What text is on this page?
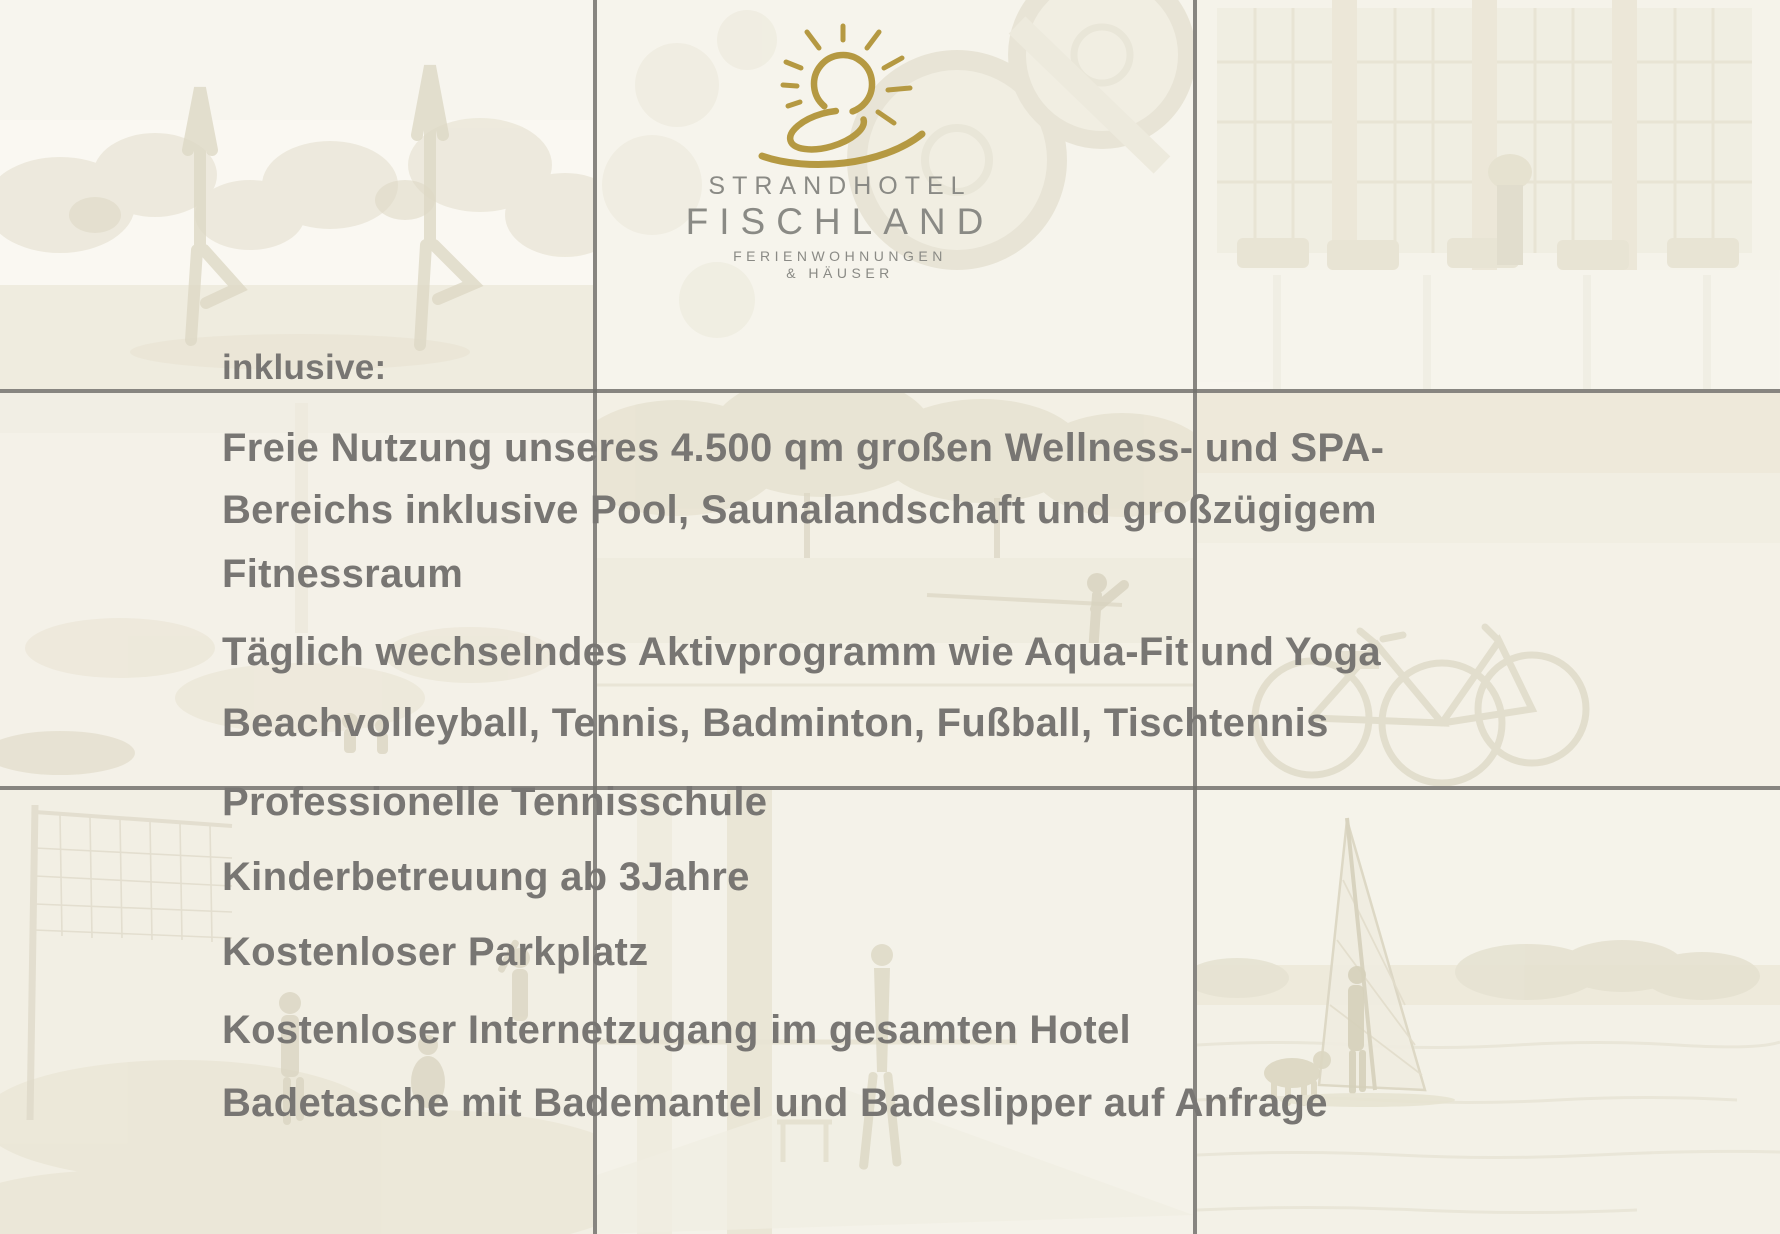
STRANDHOTEL
FISCHLAND
FERIENWOHNUNGEN
& HÄUSER
inklusive:
Freie Nutzung unseres 4.500 qm großen Wellness- und SPA-
Bereichs inklusive Pool, Saunalandschaft und großzügigem
Fitnessraum
Täglich wechselndes Aktivprogramm wie Aqua-Fit und Yoga
Beachvolleyball, Tennis, Badminton, Fußball, Tischtennis
Professionelle Tennisschule
Kinderbetreuung ab 3Jahre
Kostenloser Parkplatz
Kostenloser Internetzugang im gesamten Hotel
Badetasche mit Bademantel und Badeslipper auf Anfrage
